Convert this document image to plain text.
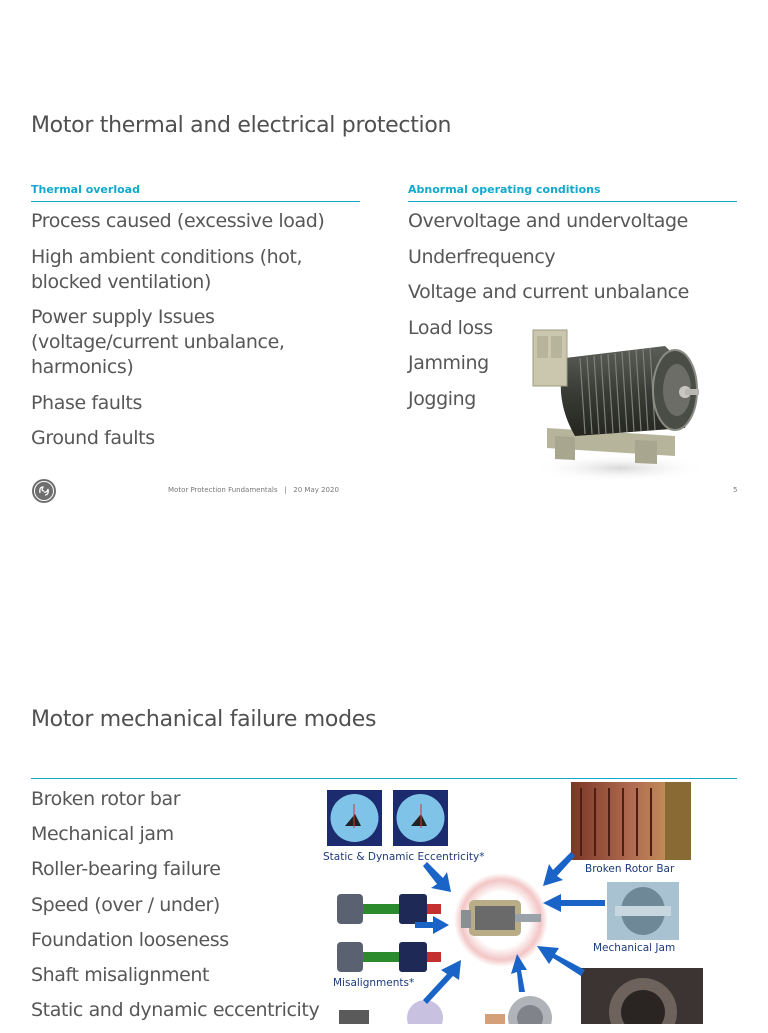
Motor thermal and electrical protection
Thermal overload	Abnormal operating conditions
Process caused (excessive load)
High ambient conditions (hot,
blocked ventilation)
Power supply Issues
(voltage/current unbalance,
harmonics)
Phase faults
Ground faults
Overvoltage and undervoltage
Underfrequency
Voltage and current unbalance
Load loss
Jamming
Jogging
Motor Protection Fundamentals | 20 May 2020	5
Motor mechanical failure modes
Broken rotor bar
Mechanical jam
Roller-bearing failure
Speed (over / under)
Foundation looseness
Shaft misalignment
Static and dynamic eccentricity
Static & Dynamic Eccentricity*
Broken Rotor Bar
Misalignments*
Mechanical Jam
